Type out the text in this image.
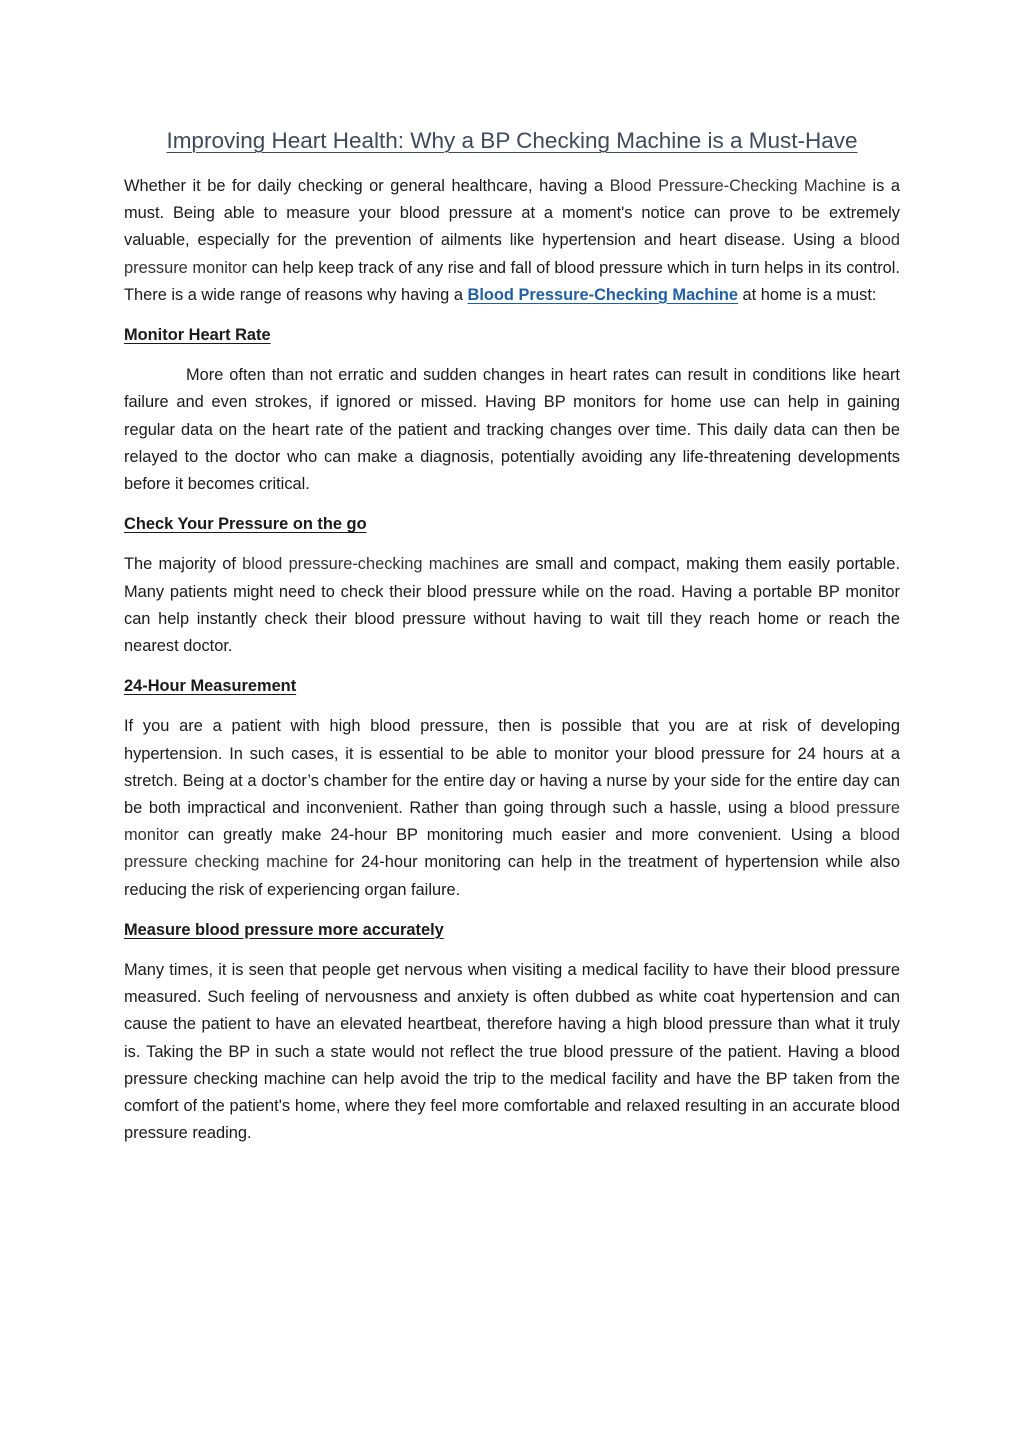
Improving Heart Health: Why a BP Checking Machine is a Must-Have

Whether it be for daily checking or general healthcare, having a Blood Pressure-Checking Machine is a must. Being able to measure your blood pressure at a moment's notice can prove to be extremely valuable, especially for the prevention of ailments like hypertension and heart disease. Using a blood pressure monitor can help keep track of any rise and fall of blood pressure which in turn helps in its control. There is a wide range of reasons why having a Blood Pressure-Checking Machine at home is a must:

Monitor Heart Rate

More often than not erratic and sudden changes in heart rates can result in conditions like heart failure and even strokes, if ignored or missed. Having BP monitors for home use can help in gaining regular data on the heart rate of the patient and tracking changes over time. This daily data can then be relayed to the doctor who can make a diagnosis, potentially avoiding any life-threatening developments before it becomes critical.

Check Your Pressure on the go

The majority of blood pressure-checking machines are small and compact, making them easily portable. Many patients might need to check their blood pressure while on the road. Having a portable BP monitor can help instantly check their blood pressure without having to wait till they reach home or reach the nearest doctor.

24-Hour Measurement

If you are a patient with high blood pressure, then is possible that you are at risk of developing hypertension. In such cases, it is essential to be able to monitor your blood pressure for 24 hours at a stretch. Being at a doctor’s chamber for the entire day or having a nurse by your side for the entire day can be both impractical and inconvenient. Rather than going through such a hassle, using a blood pressure monitor can greatly make 24-hour BP monitoring much easier and more convenient. Using a blood pressure checking machine for 24-hour monitoring can help in the treatment of hypertension while also reducing the risk of experiencing organ failure.

Measure blood pressure more accurately

Many times, it is seen that people get nervous when visiting a medical facility to have their blood pressure measured. Such feeling of nervousness and anxiety is often dubbed as white coat hypertension and can cause the patient to have an elevated heartbeat, therefore having a high blood pressure than what it truly is. Taking the BP in such a state would not reflect the true blood pressure of the patient. Having a blood pressure checking machine can help avoid the trip to the medical facility and have the BP taken from the comfort of the patient's home, where they feel more comfortable and relaxed resulting in an accurate blood pressure reading.
